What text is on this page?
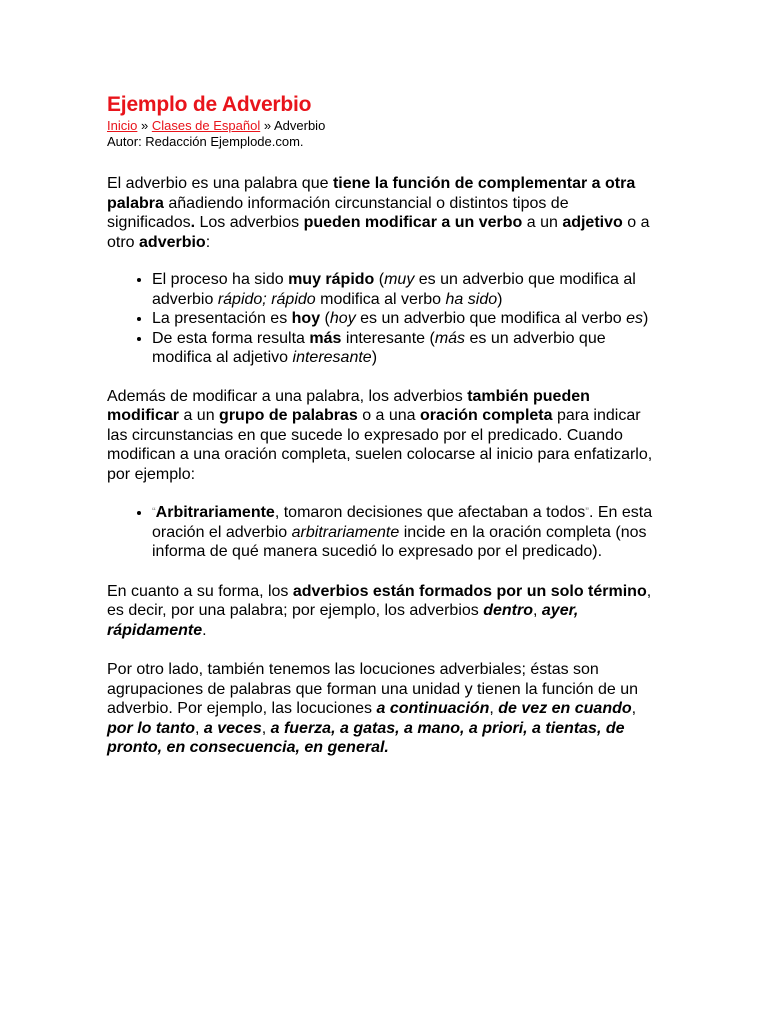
Ejemplo de Adverbio
Inicio » Clases de Español » Adverbio
Autor: Redacción Ejemplode.com.

El adverbio es una palabra que tiene la función de complementar a otra palabra añadiendo información circunstancial o distintos tipos de significados. Los adverbios pueden modificar a un verbo a un adjetivo o a otro adverbio:

• El proceso ha sido muy rápido (muy es un adverbio que modifica al adverbio rápido; rápido modifica al verbo ha sido)
• La presentación es hoy (hoy es un adverbio que modifica al verbo es)
• De esta forma resulta más interesante (más es un adverbio que modifica al adjetivo interesante)

Además de modificar a una palabra, los adverbios también pueden modificar a un grupo de palabras o a una oración completa para indicar las circunstancias en que sucede lo expresado por el predicado. Cuando modifican a una oración completa, suelen colocarse al inicio para enfatizarlo, por ejemplo:

• “Arbitrariamente, tomaron decisiones que afectaban a todos”. En esta oración el adverbio arbitrariamente incide en la oración completa (nos informa de qué manera sucedió lo expresado por el predicado).

En cuanto a su forma, los adverbios están formados por un solo término, es decir, por una palabra; por ejemplo, los adverbios dentro, ayer, rápidamente.

Por otro lado, también tenemos las locuciones adverbiales; éstas son agrupaciones de palabras que forman una unidad y tienen la función de un adverbio. Por ejemplo, las locuciones a continuación, de vez en cuando, por lo tanto, a veces, a fuerza, a gatas, a mano, a priori, a tientas, de pronto, en consecuencia, en general.
